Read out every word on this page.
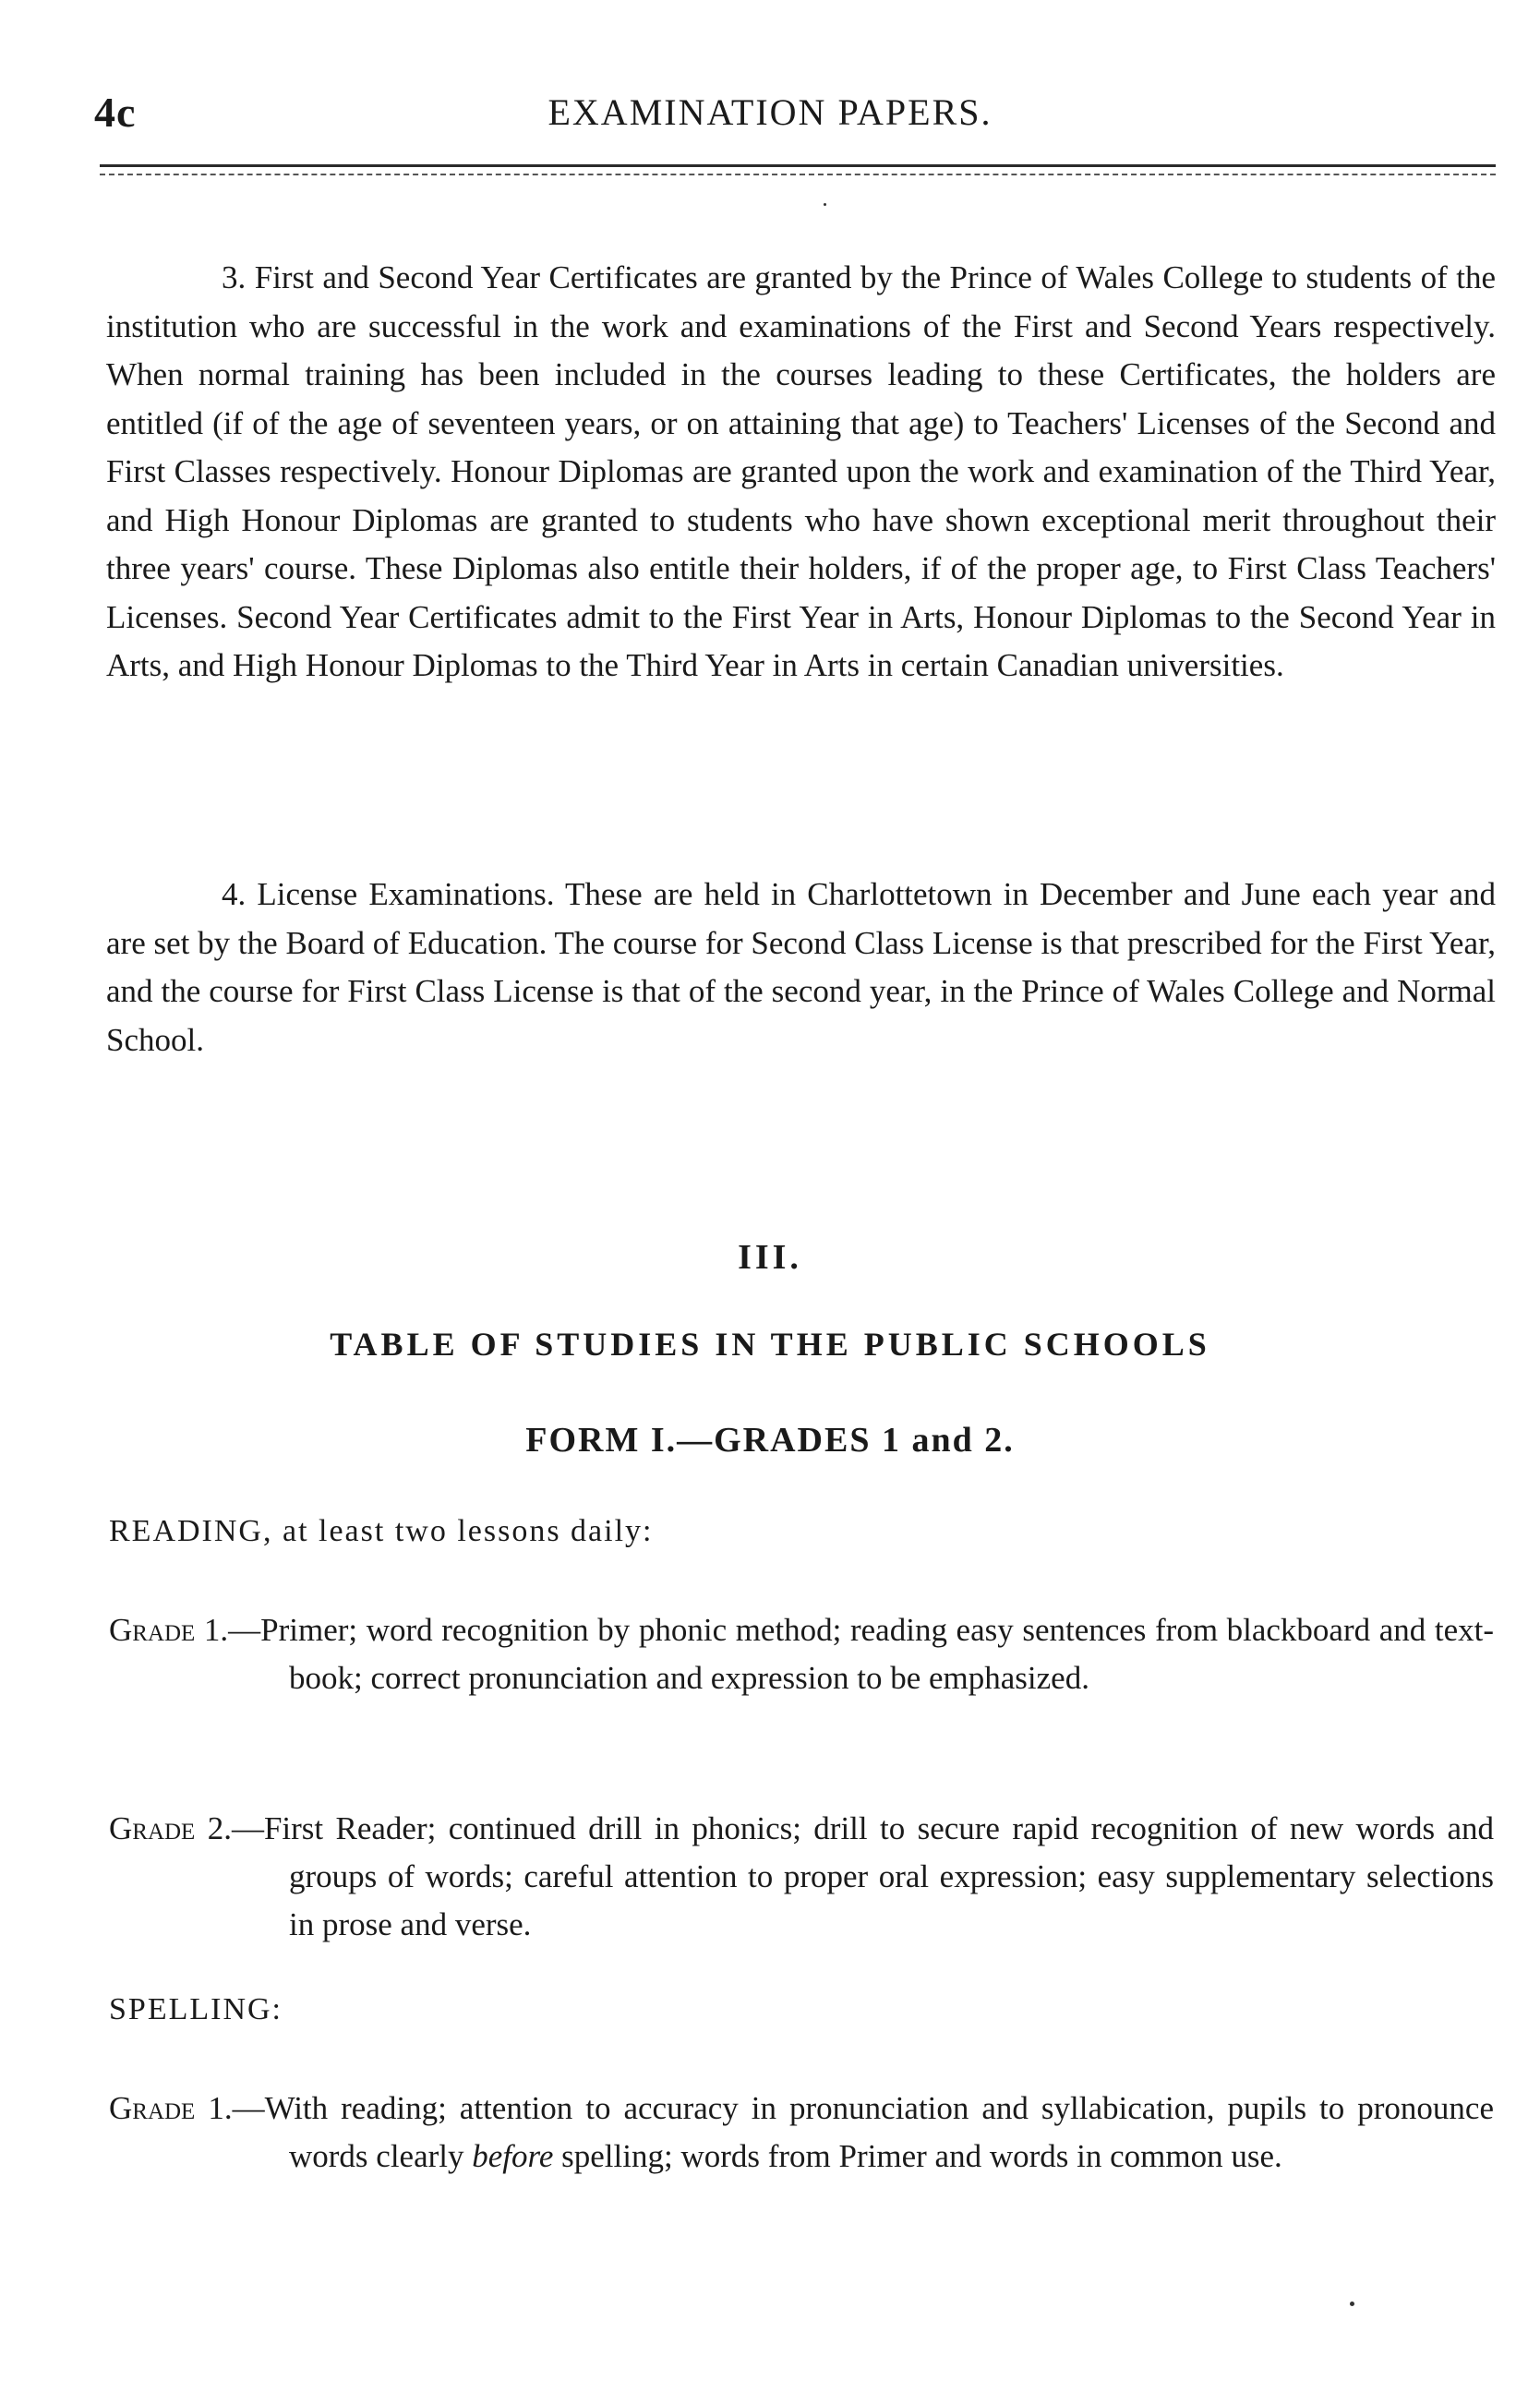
4c	EXAMINATION PAPERS.

3. First and Second Year Certificates are granted by the Prince of Wales College to students of the institution who are successful in the work and examinations of the First and Second Years respectively. When normal training has been included in the courses leading to these Certificates, the holders are entitled (if of the age of seventeen years, or on attaining that age) to Teachers' Licenses of the Second and First Classes respectively. Honour Diplomas are granted upon the work and examination of the Third Year, and High Honour Diplomas are granted to students who have shown exceptional merit throughout their three years' course. These Diplomas also entitle their holders, if of the proper age, to First Class Teachers' Licenses. Second Year Certificates admit to the First Year in Arts, Honour Diplomas to the Second Year in Arts, and High Honour Diplomas to the Third Year in Arts in certain Canadian universities.

4. License Examinations. These are held in Charlottetown in December and June each year and are set by the Board of Education. The course for Second Class License is that prescribed for the First Year, and the course for First Class License is that of the second year, in the Prince of Wales College and Normal School.

III.
TABLE OF STUDIES IN THE PUBLIC SCHOOLS
FORM I.—GRADES 1 and 2.
READING, at least two lessons daily:
Grade 1.—Primer; word recognition by phonic method; reading easy sentences from blackboard and text-book; correct pronunciation and expression to be emphasized.
Grade 2.—First Reader; continued drill in phonics; drill to secure rapid recognition of new words and groups of words; careful attention to proper oral expression; easy supplementary selections in prose and verse.
SPELLING:
Grade 1.—With reading; attention to accuracy in pronunciation and syllabication, pupils to pronounce words clearly before spelling; words from Primer and words in common use.
